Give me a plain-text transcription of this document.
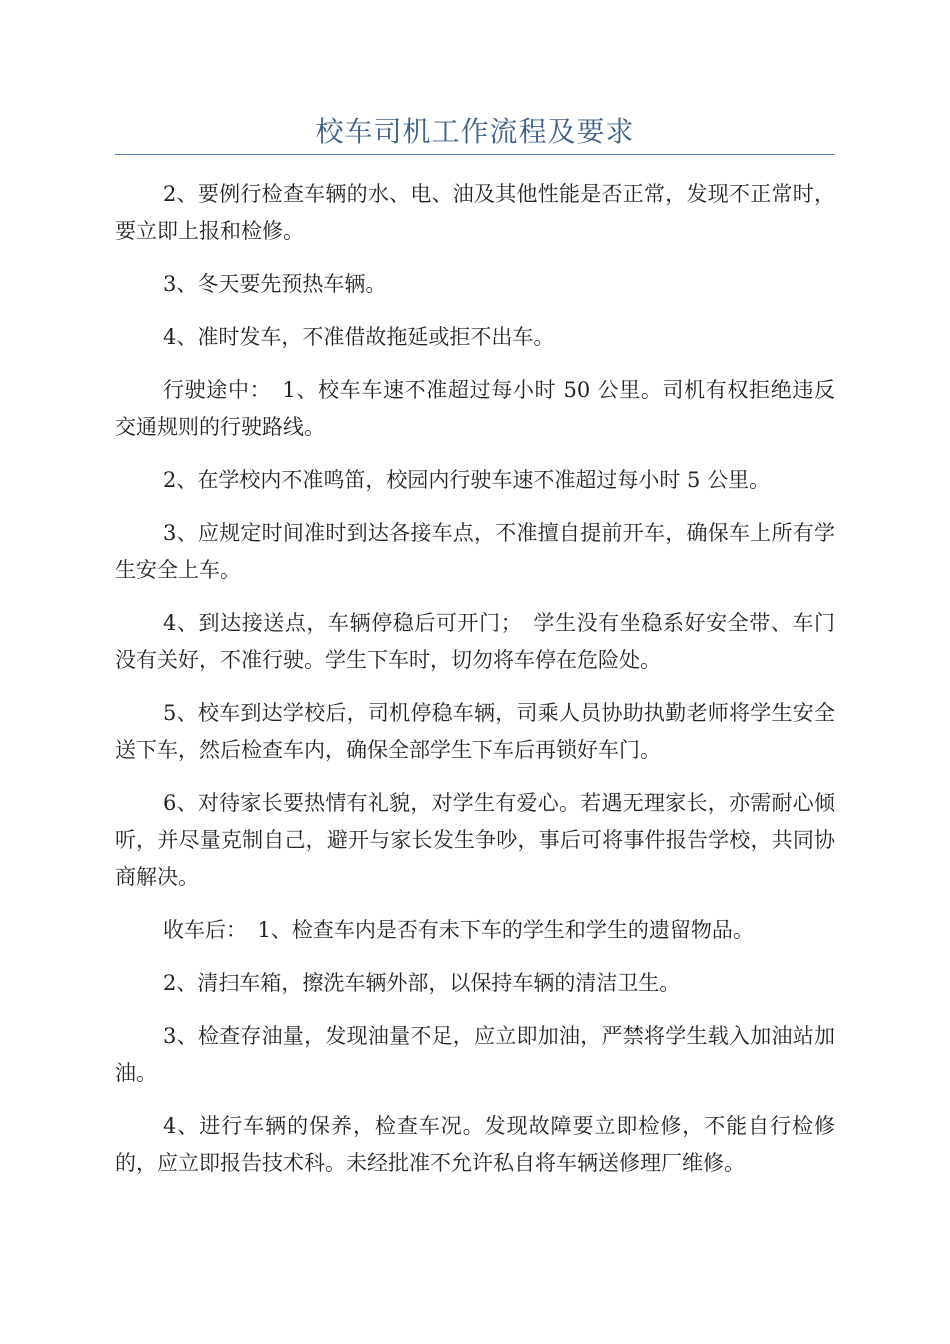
校车司机工作流程及要求

2、要例行检查车辆的水、电、油及其他性能是否正常，发现不正常时，要立即上报和检修。

3、冬天要先预热车辆。

4、准时发车，不准借故拖延或拒不出车。

行驶途中：　1、校车车速不准超过每小时 50 公里。司机有权拒绝违反交通规则的行驶路线。

2、在学校内不准鸣笛，校园内行驶车速不准超过每小时 5 公里。

3、应规定时间准时到达各接车点，不准擅自提前开车，确保车上所有学生安全上车。

4、到达接送点，车辆停稳后可开门；　学生没有坐稳系好安全带、车门没有关好，不准行驶。学生下车时，切勿将车停在危险处。

5、校车到达学校后，司机停稳车辆，司乘人员协助执勤老师将学生安全送下车，然后检查车内，确保全部学生下车后再锁好车门。

6、对待家长要热情有礼貌，对学生有爱心。若遇无理家长，亦需耐心倾听，并尽量克制自己，避开与家长发生争吵，事后可将事件报告学校，共同协商解决。

收车后：　1、检查车内是否有未下车的学生和学生的遗留物品。

2、清扫车箱，擦洗车辆外部，以保持车辆的清洁卫生。

3、检查存油量，发现油量不足，应立即加油，严禁将学生载入加油站加油。

4、进行车辆的保养，检查车况。发现故障要立即检修，不能自行检修的，应立即报告技术科。未经批准不允许私自将车辆送修理厂维修。
